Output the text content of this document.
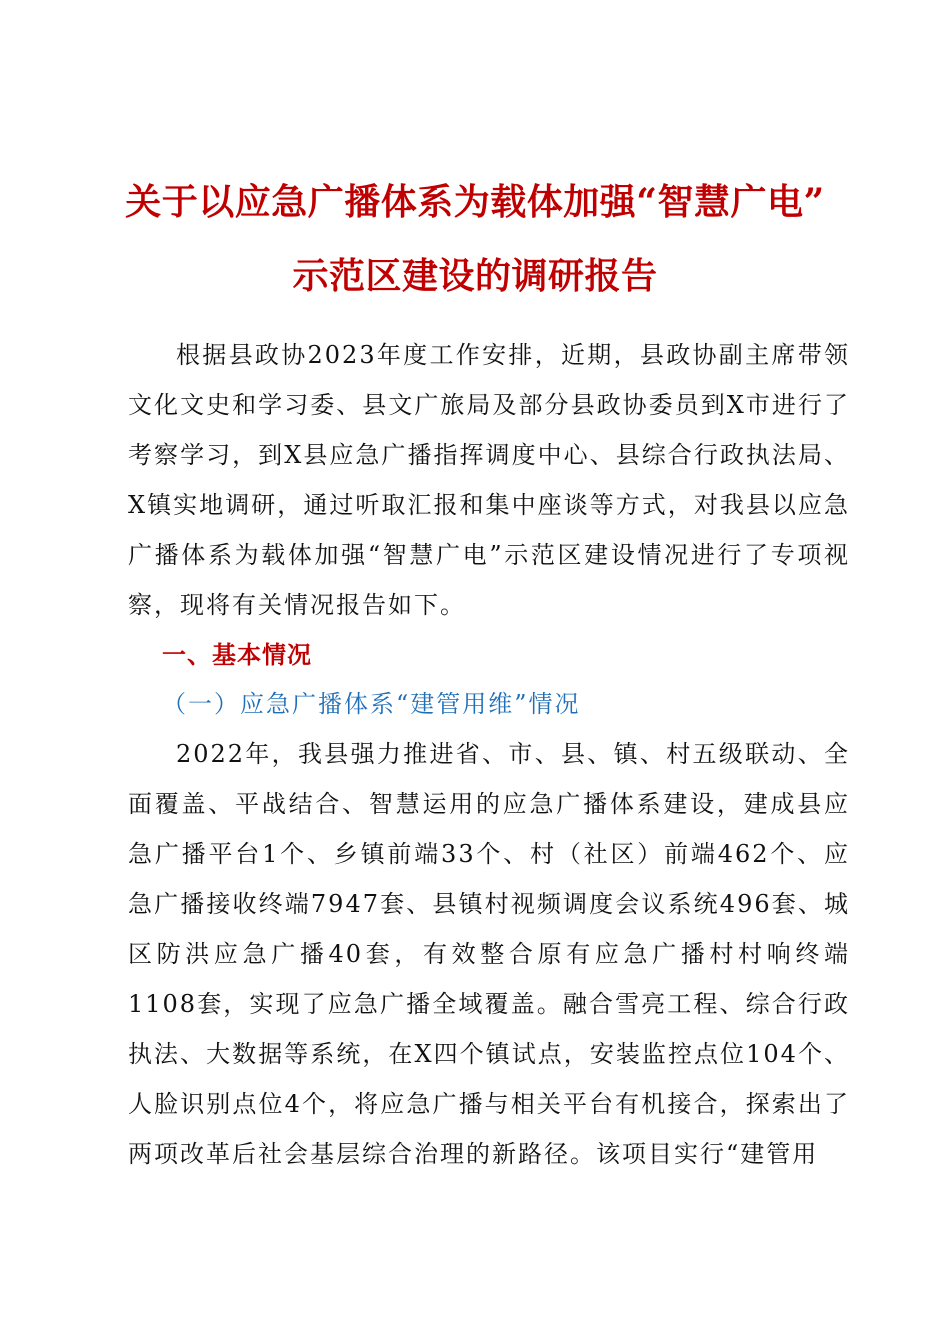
关于以应急广播体系为载体加强“智慧广电”
示范区建设的调研报告

根据县政协2023年度工作安排，近期，县政协副主席带领文化文史和学习委、县文广旅局及部分县政协委员到X市进行了考察学习，到X县应急广播指挥调度中心、县综合行政执法局、X镇实地调研，通过听取汇报和集中座谈等方式，对我县以应急广播体系为载体加强“智慧广电”示范区建设情况进行了专项视察，现将有关情况报告如下。

一、基本情况
（一）应急广播体系“建管用维”情况

2022年，我县强力推进省、市、县、镇、村五级联动、全面覆盖、平战结合、智慧运用的应急广播体系建设，建成县应急广播平台1个、乡镇前端33个、村（社区）前端462个、应急广播接收终端7947套、县镇村视频调度会议系统496套、城区防洪应急广播40套，有效整合原有应急广播村村响终端1108套，实现了应急广播全域覆盖。融合雪亮工程、综合行政执法、大数据等系统，在X四个镇试点，安装监控点位104个、人脸识别点位4个，将应急广播与相关平台有机接合，探索出了两项改革后社会基层综合治理的新路径。该项目实行“建管用
